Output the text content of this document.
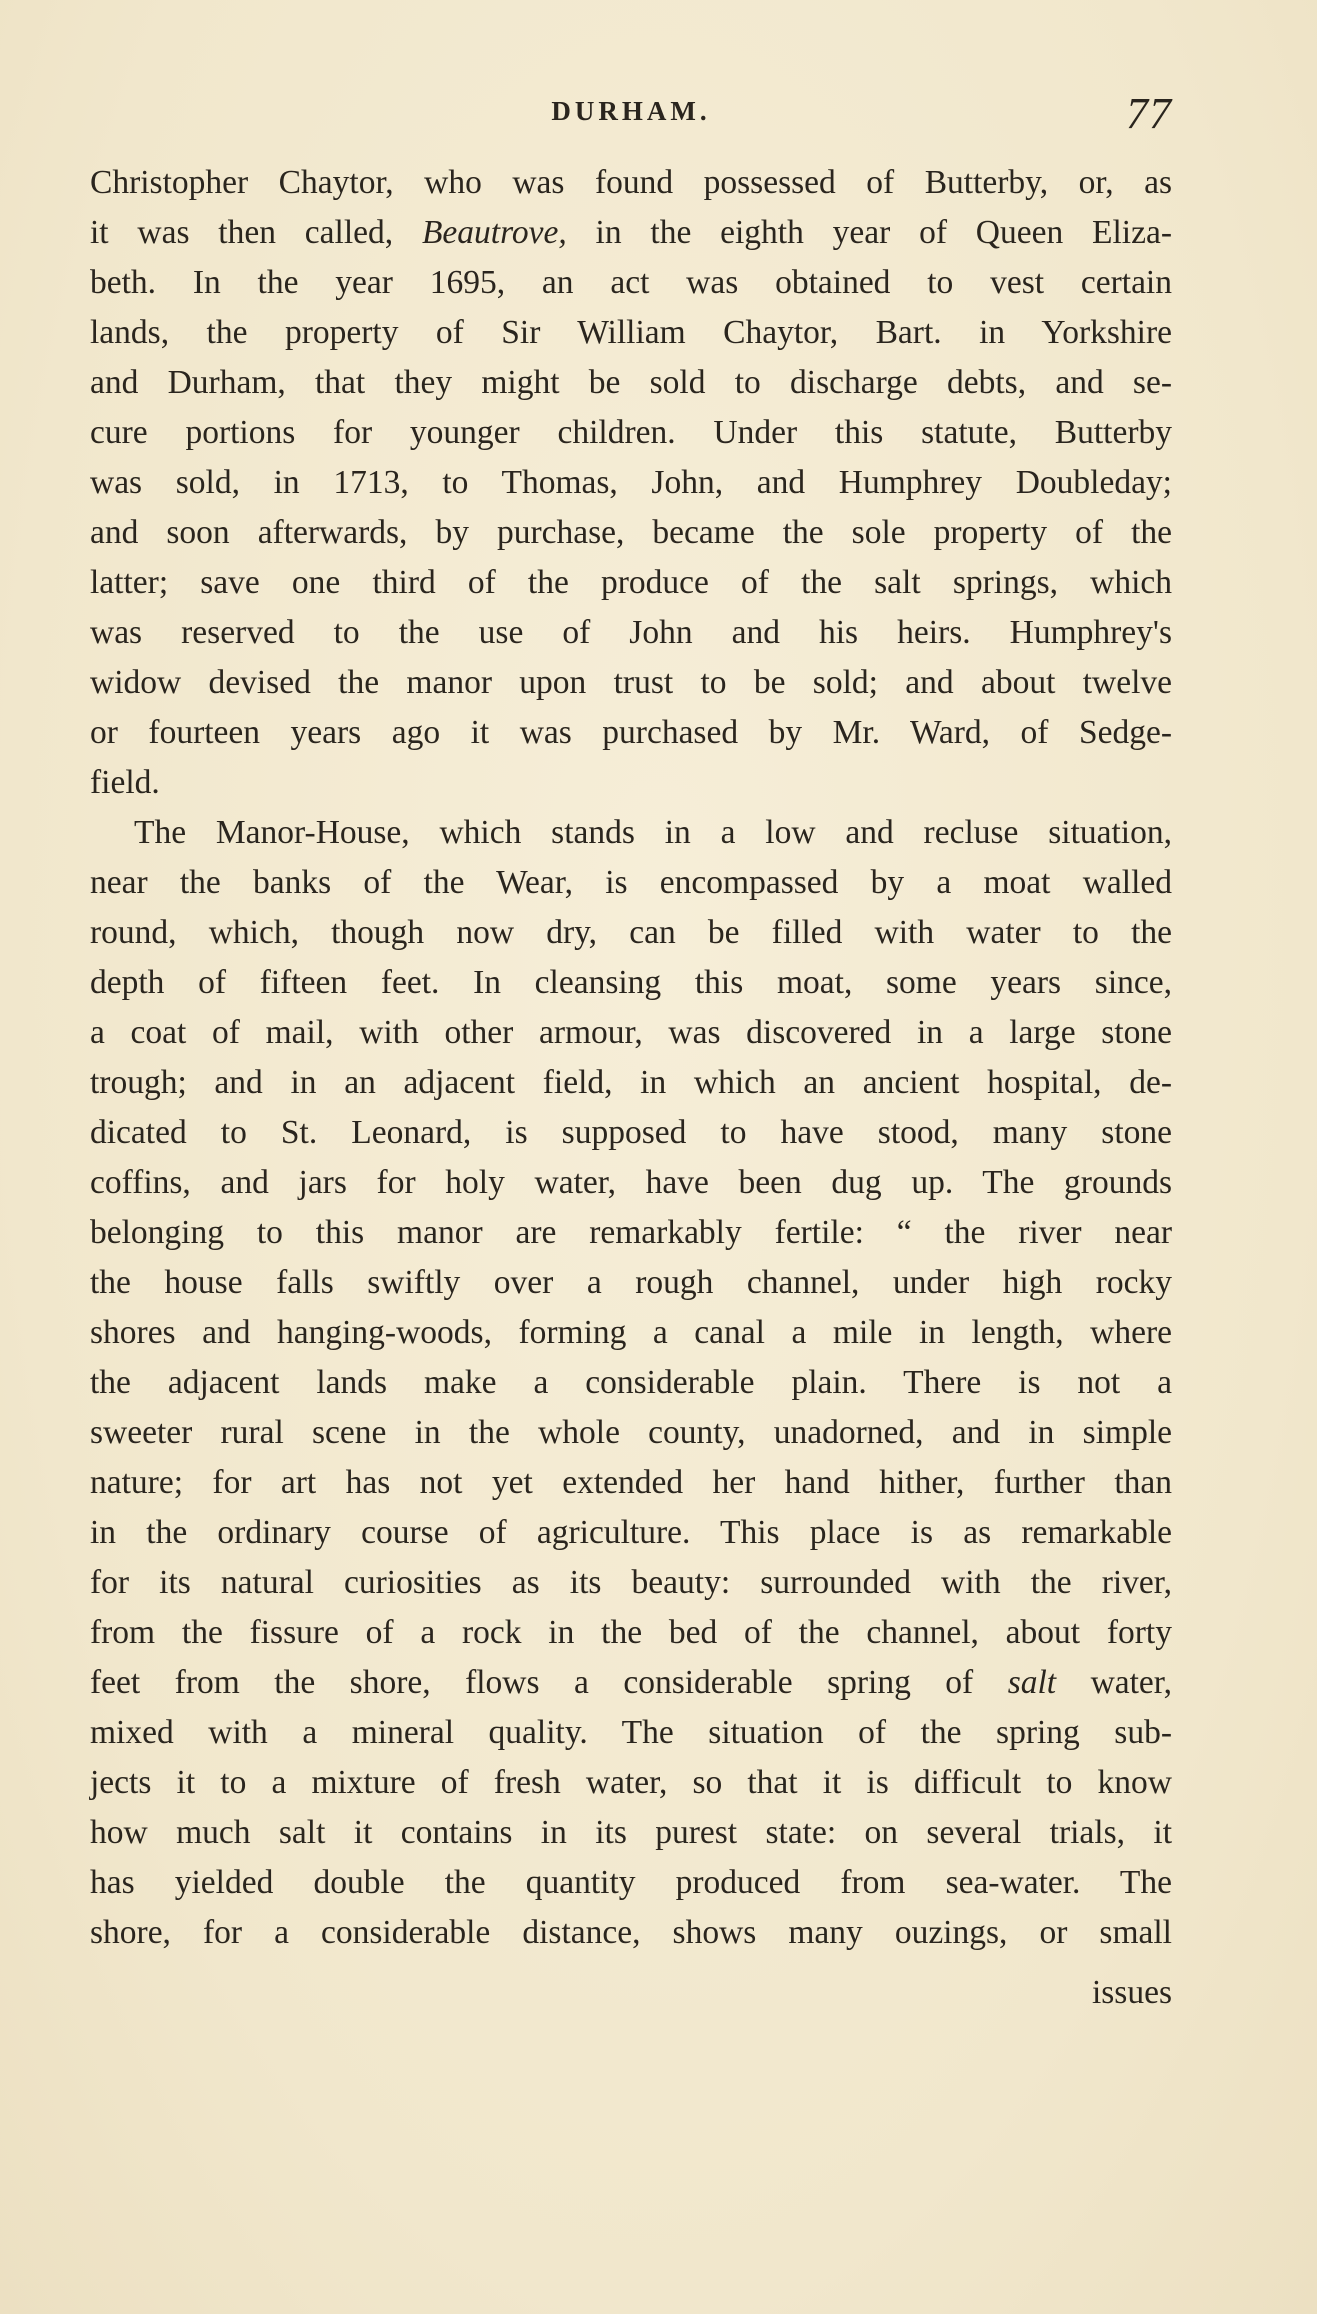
DURHAM.	77
Christopher Chaytor, who was found possessed of Butterby, or, as
it was then called, Beautrove, in the eighth year of Queen Eliza-
beth. In the year 1695, an act was obtained to vest certain
lands, the property of Sir William Chaytor, Bart. in Yorkshire
and Durham, that they might be sold to discharge debts, and se-
cure portions for younger children. Under this statute, Butterby
was sold, in 1713, to Thomas, John, and Humphrey Doubleday;
and soon afterwards, by purchase, became the sole property of the
latter; save one third of the produce of the salt springs, which
was reserved to the use of John and his heirs. Humphrey's
widow devised the manor upon trust to be sold; and about twelve
or fourteen years ago it was purchased by Mr. Ward, of Sedge-
field.
The Manor-House, which stands in a low and recluse situation,
near the banks of the Wear, is encompassed by a moat walled
round, which, though now dry, can be filled with water to the
depth of fifteen feet. In cleansing this moat, some years since,
a coat of mail, with other armour, was discovered in a large stone
trough; and in an adjacent field, in which an ancient hospital, de-
dicated to St. Leonard, is supposed to have stood, many stone
coffins, and jars for holy water, have been dug up. The grounds
belonging to this manor are remarkably fertile: “ the river near
the house falls swiftly over a rough channel, under high rocky
shores and hanging-woods, forming a canal a mile in length, where
the adjacent lands make a considerable plain. There is not a
sweeter rural scene in the whole county, unadorned, and in simple
nature; for art has not yet extended her hand hither, further than
in the ordinary course of agriculture. This place is as remarkable
for its natural curiosities as its beauty: surrounded with the river,
from the fissure of a rock in the bed of the channel, about forty
feet from the shore, flows a considerable spring of salt water,
mixed with a mineral quality. The situation of the spring sub-
jects it to a mixture of fresh water, so that it is difficult to know
how much salt it contains in its purest state: on several trials, it
has yielded double the quantity produced from sea-water. The
shore, for a considerable distance, shows many ouzings, or small
issues
